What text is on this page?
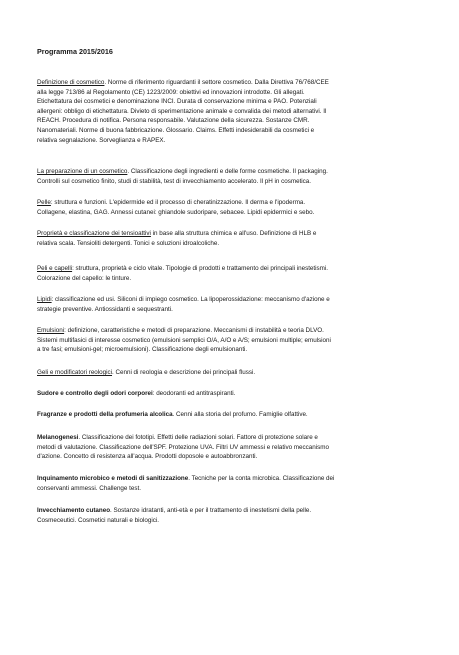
Programma 2015/2016

Definizione di cosmetico. Norme di riferimento riguardanti il settore cosmetico. Dalla Direttiva 76/768/CEE

alla legge 713/86 al Regolamento (CE) 1223/2009: obiettivi ed innovazioni introdotte. Gli allegati.

Etichettatura dei cosmetici e denominazione INCI. Durata di conservazione minima e PAO. Potenziali

allergeni: obbligo di etichettatura. Divieto di sperimentazione animale e convalida dei metodi alternativi. Il

REACH. Procedura di notifica. Persona responsabile. Valutazione della sicurezza. Sostanze CMR.

Nanomateriali. Norme di buona fabbricazione. Glossario. Claims. Effetti indesiderabili da cosmetici e

relativa segnalazione. Sorveglianza e RAPEX.

La preparazione di un cosmetico. Classificazione degli ingredienti e delle forme cosmetiche. Il packaging.

Controlli sul cosmetico finito, studi di stabilità, test di invecchiamento accelerato. Il pH in cosmetica.

Pelle: struttura e funzioni. L'epidermide ed il processo di cheratinizzazione. Il derma e l'ipoderma.

Collagene, elastina, GAG. Annessi cutanei: ghiandole sudoripare, sebacee. Lipidi epidermici e sebo.

Proprietà e classificazione dei tensioattivi in base alla struttura chimica e all'uso. Definizione di HLB e

relativa scala. Tensioliti detergenti. Tonici e soluzioni idroalcoliche.

Peli e capelli: struttura, proprietà e ciclo vitale. Tipologie di prodotti e trattamento dei principali inestetismi.

Colorazione del capello: le tinture.

Lipidi: classificazione ed usi. Siliconi di impiego cosmetico. La lipoperossidazione: meccanismo d'azione e

strategie preventive. Antiossidanti e sequestranti.

Emulsioni: definizione, caratteristiche e metodi di preparazione. Meccanismi di instabilità e teoria DLVO.

Sistemi multifasici di interesse cosmetico (emulsioni semplici O/A, A/O e A/S; emulsioni multiple; emulsioni

a tre fasi; emulsioni-gel; microemulsioni). Classificazione degli emulsionanti.

Geli e modificatori reologici. Cenni di reologia e descrizione dei principali flussi.

Sudore e controllo degli odori corporei: deodoranti ed antitraspiranti.

Fragranze e prodotti della profumeria alcolica. Cenni alla storia del profumo. Famiglie olfattive.

Melanogenesi. Classificazione dei fototipi. Effetti delle radiazioni solari. Fattore di protezione solare e

metodi di valutazione. Classificazione dell'SPF. Protezione UVA. Filtri UV ammessi e relativo meccanismo

d'azione. Concetto di resistenza all'acqua. Prodotti doposole e autoabbronzanti.

Inquinamento microbico e metodi di sanitizzazione. Tecniche per la conta microbica. Classificazione dei

conservanti ammessi. Challenge test.

Invecchiamento cutaneo. Sostanze idratanti, anti-età e per il trattamento di inestetismi della pelle.

Cosmeceutici. Cosmetici naturali e biologici.
